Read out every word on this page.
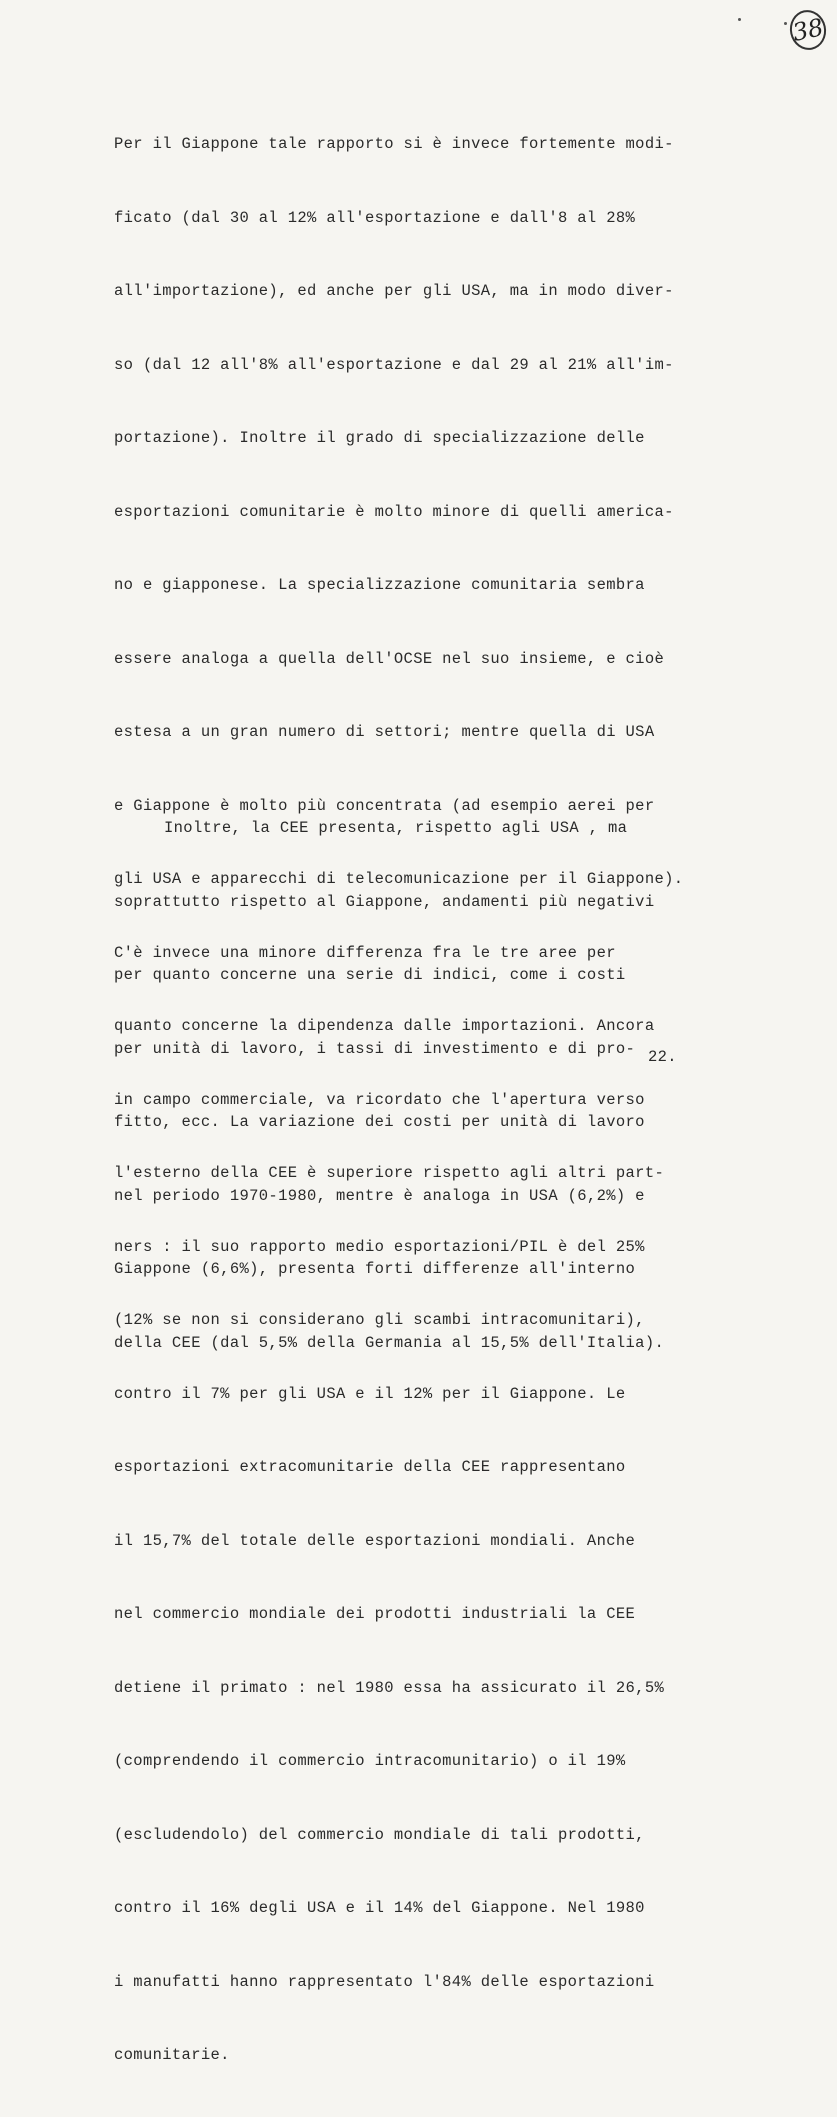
38

Per il Giappone tale rapporto si è invece fortemente modi-

ficato (dal 30 al 12% all'esportazione e dall'8 al 28%

all'importazione), ed anche per gli USA, ma in modo diver-

so (dal 12 all'8% all'esportazione e dal 29 al 21% all'im-

portazione). Inoltre il grado di specializzazione delle

esportazioni comunitarie è molto minore di quelli america-

no e giapponese. La specializzazione comunitaria sembra

essere analoga a quella dell'OCSE nel suo insieme, e cioè

estesa a un gran numero di settori; mentre quella di USA

e Giappone è molto più concentrata (ad esempio aerei per

gli USA e apparecchi di telecomunicazione per il Giappone).

C'è invece una minore differenza fra le tre aree per

quanto concerne la dipendenza dalle importazioni. Ancora

in campo commerciale, va ricordato che l'apertura verso

l'esterno della CEE è superiore rispetto agli altri part-

ners : il suo rapporto medio esportazioni/PIL è del 25%

(12% se non si considerano gli scambi intracomunitari),

contro il 7% per gli USA e il 12% per il Giappone. Le

esportazioni extracomunitarie della CEE rappresentano

il 15,7% del totale delle esportazioni mondiali. Anche

nel commercio mondiale dei prodotti industriali la CEE

detiene il primato : nel 1980 essa ha assicurato il 26,5%

(comprendendo il commercio intracomunitario) o il 19%

(escludendolo) del commercio mondiale di tali prodotti,

contro il 16% degli USA e il 14% del Giappone. Nel 1980

i manufatti hanno rappresentato l'84% delle esportazioni

comunitarie.

Inoltre, la CEE presenta, rispetto agli USA , ma

soprattutto rispetto al Giappone, andamenti più negativi

per quanto concerne una serie di indici, come i costi

per unità di lavoro, i tassi di investimento e di pro-

fitto, ecc. La variazione dei costi per unità di lavoro

nel periodo 1970-1980, mentre è analoga in USA (6,2%) e

Giappone (6,6%), presenta forti differenze all'interno

della CEE (dal 5,5% della Germania al 15,5% dell'Italia).

22.
